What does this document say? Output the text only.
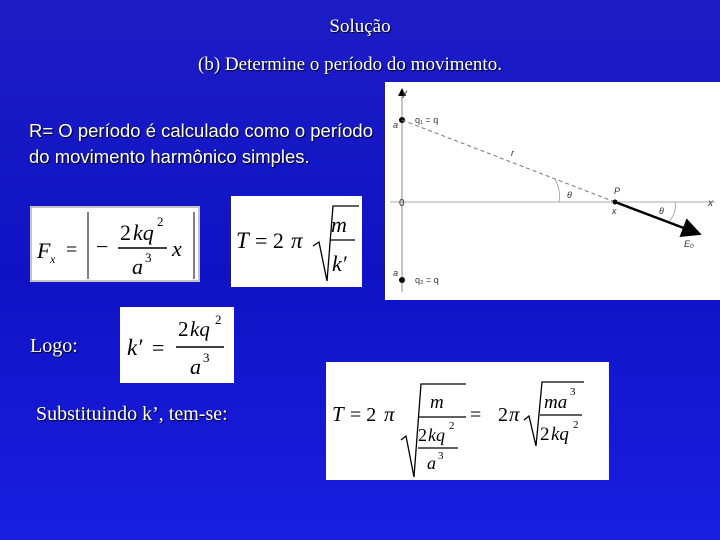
Solução
(b) Determine o período do movimento.
R= O período é calculado como o período do movimento harmônico simples.
F x = −
2 kq 2
a 3 x T = 2 π
m
k′
y
x
0
q₁ = q
q₂ = q
a
a
r
θ
θ
P
x
E₀
Logo: k′ =
2 kq 2
a 3
Substituindo k’, tem-se:	T = 2 π m
2 kq 2
a 3
= 2 π ma 3
2 kq 2
